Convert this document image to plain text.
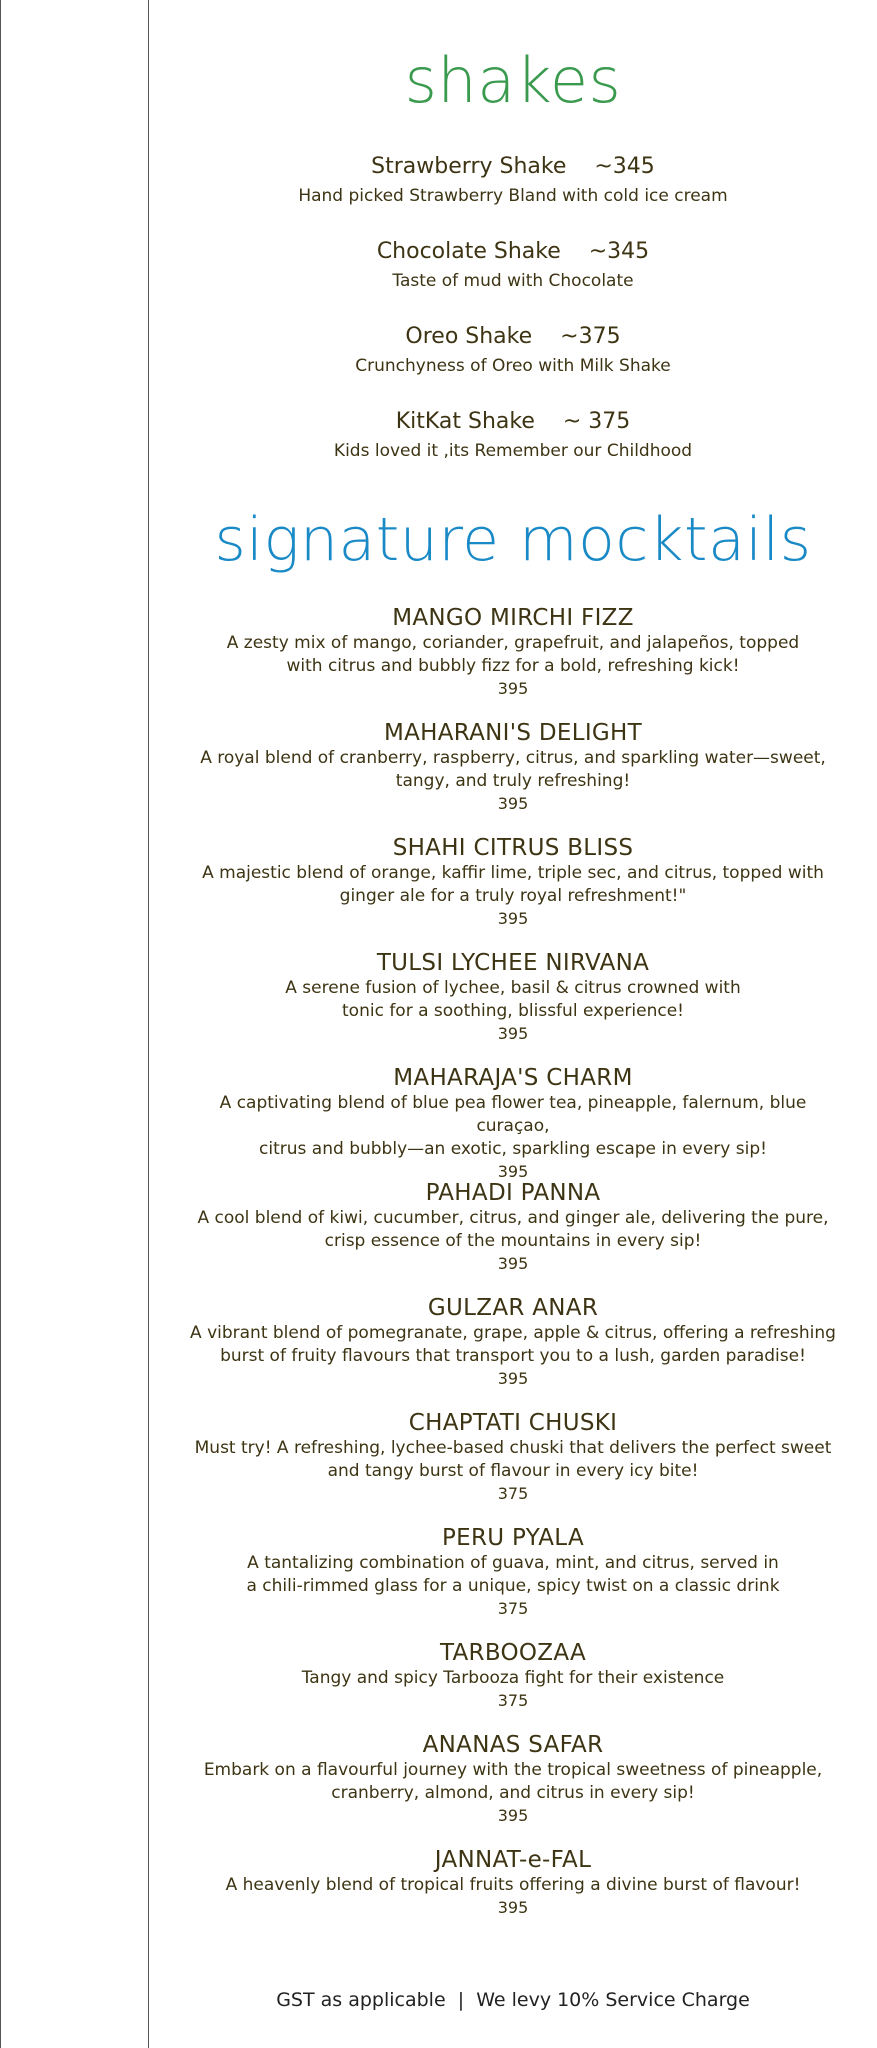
shakes
Strawberry Shake ~345
Hand picked Strawberry Bland with cold ice cream
Chocolate Shake ~345
Taste of mud with Chocolate
Oreo Shake ~375
Crunchyness of Oreo with Milk Shake
KitKat Shake ~ 375
Kids loved it ,its Remember our Childhood
signature mocktails
MANGO MIRCHI FIZZ
A zesty mix of mango, coriander, grapefruit, and jalapeños, topped
with citrus and bubbly fizz for a bold, refreshing kick!
395
MAHARANI'S DELIGHT
A royal blend of cranberry, raspberry, citrus, and sparkling water—sweet,
tangy, and truly refreshing!
395
SHAHI CITRUS BLISS
A majestic blend of orange, kaffir lime, triple sec, and citrus, topped with
ginger ale for a truly royal refreshment!"
395
TULSI LYCHEE NIRVANA
A serene fusion of lychee, basil & citrus crowned with
tonic for a soothing, blissful experience!
395
MAHARAJA'S CHARM
A captivating blend of blue pea flower tea, pineapple, falernum, blue curaçao,
citrus and bubbly—an exotic, sparkling escape in every sip!
395
PAHADI PANNA
A cool blend of kiwi, cucumber, citrus, and ginger ale, delivering the pure,
crisp essence of the mountains in every sip!
395
GULZAR ANAR
A vibrant blend of pomegranate, grape, apple & citrus, offering a refreshing
burst of fruity flavours that transport you to a lush, garden paradise!
395
CHAPTATI CHUSKI
Must try! A refreshing, lychee-based chuski that delivers the perfect sweet
and tangy burst of flavour in every icy bite!
375
PERU PYALA
A tantalizing combination of guava, mint, and citrus, served in
a chili-rimmed glass for a unique, spicy twist on a classic drink
375
TARBOOZAA
Tangy and spicy Tarbooza fight for their existence
375
ANANAS SAFAR
Embark on a flavourful journey with the tropical sweetness of pineapple,
cranberry, almond, and citrus in every sip!
395
JANNAT-e-FAL
A heavenly blend of tropical fruits offering a divine burst of flavour!
395
GST as applicable  |  We levy 10% Service Charge
